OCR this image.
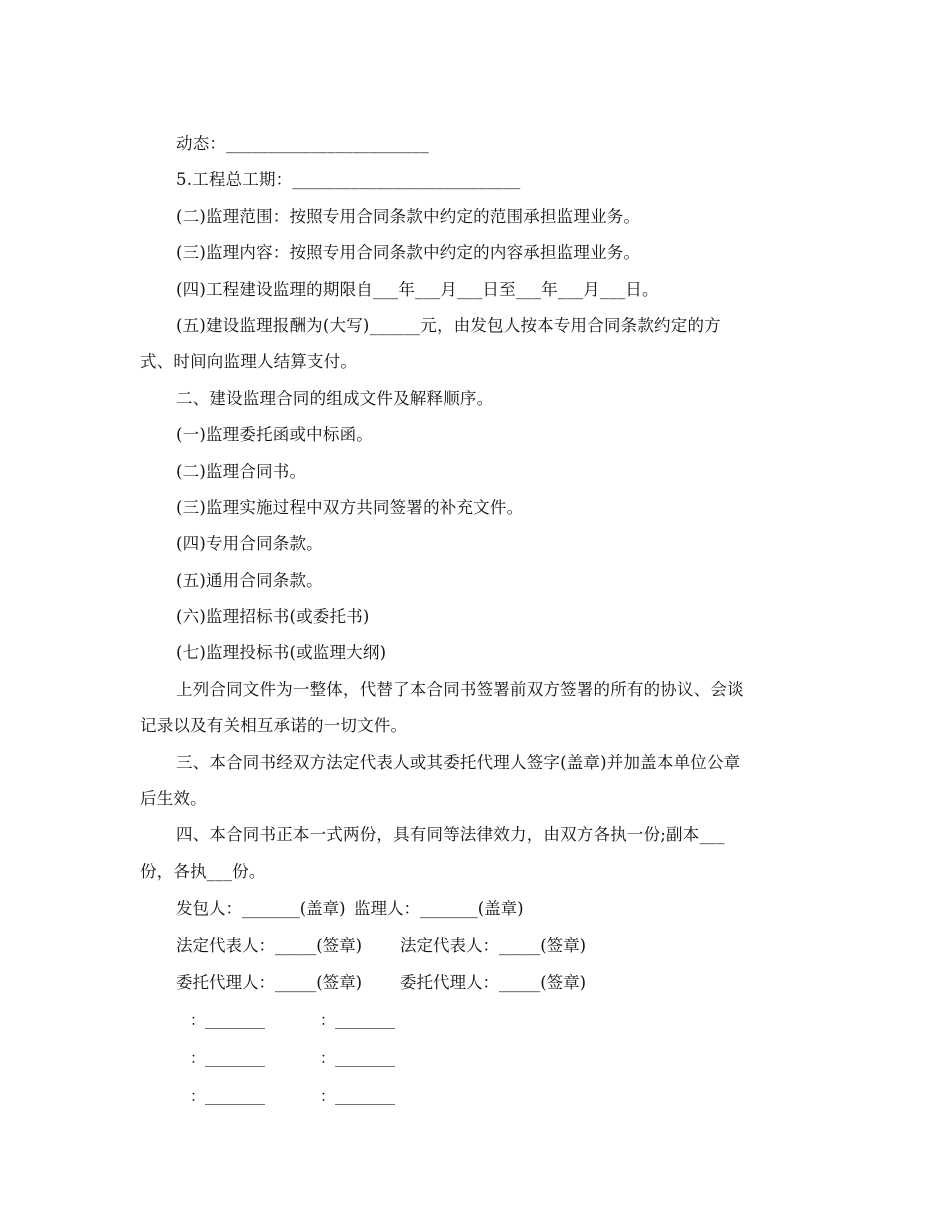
动态：________________________
5.工程总工期：___________________________
(二)监理范围：按照专用合同条款中约定的范围承担监理业务。
(三)监理内容：按照专用合同条款中约定的内容承担监理业务。
(四)工程建设监理的期限自___年___月___日至___年___月___日。
(五)建设监理报酬为(大写)______元，由发包人按本专用合同条款约定的方
式、时间向监理人结算支付。
二、建设监理合同的组成文件及解释顺序。
(一)监理委托函或中标函。
(二)监理合同书。
(三)监理实施过程中双方共同签署的补充文件。
(四)专用合同条款。
(五)通用合同条款。
(六)监理招标书(或委托书)
(七)监理投标书(或监理大纲)
上列合同文件为一整体，代替了本合同书签署前双方签署的所有的协议、会谈
记录以及有关相互承诺的一切文件。
三、本合同书经双方法定代表人或其委托代理人签字(盖章)并加盖本单位公章
后生效。
四、本合同书正本一式两份，具有同等法律效力，由双方各执一份;副本___
份，各执___份。
发包人：_______(盖章) 监理人：_______(盖章)
法定代表人：_____(签章) 法定代表人：_____(签章)
委托代理人：_____(签章) 委托代理人：_____(签章)
：________	：________
：________	：________
：________	：________
